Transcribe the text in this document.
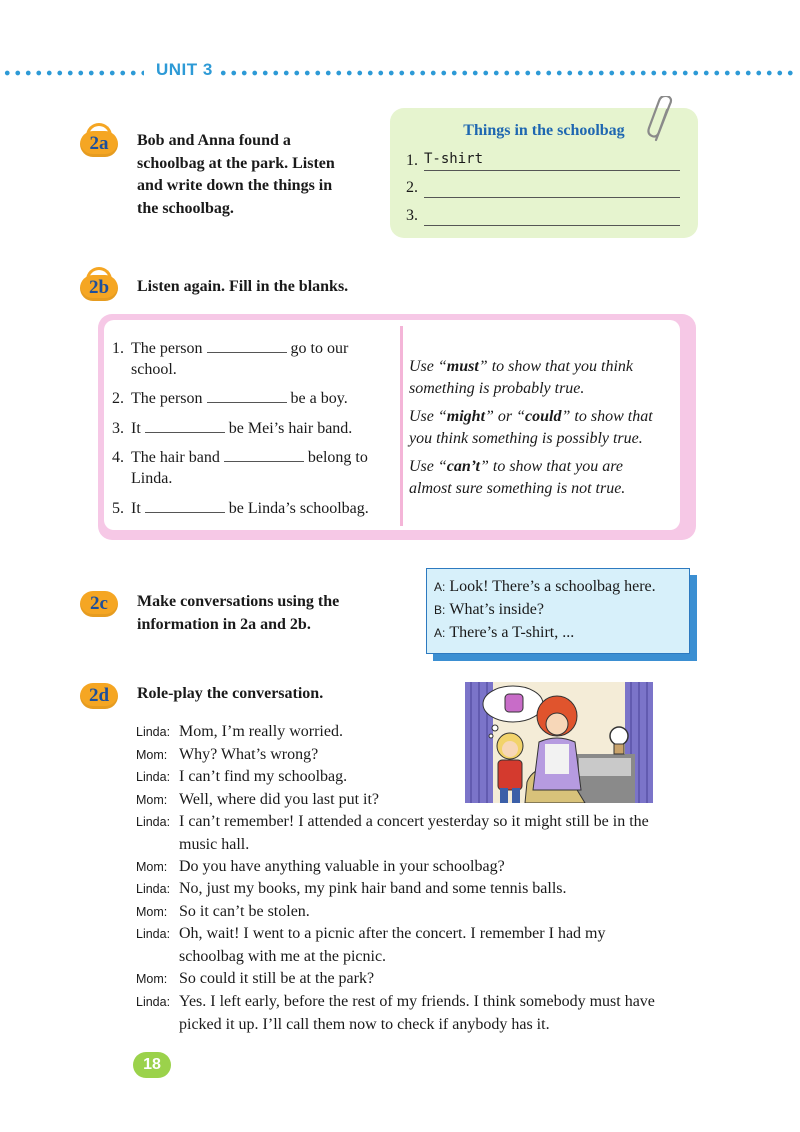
UNIT 3
2a	Bob and Anna found a
schoolbag at the park. Listen
and write down the things in
the schoolbag.
Things in the schoolbag
1. T-shirt
2.
3.
2b	Listen again. Fill in the blanks.
1. The person	go to our
school.
2. The person	be a boy.
3. It	be Mei’s hair band.
4. The hair band	belong to
Linda.
5. It	be Linda’s schoolbag.
Use “must” to show that you think
something is probably true.
Use “might” or “could” to show that
you think something is possibly true.
Use “can’t” to show that you are
almost sure something is not true.
2c	Make conversations using the
information in 2a and 2b.
A: Look! There’s a schoolbag here.
B: What’s inside?
A: There’s a T-shirt, ...
2d	Role-play the conversation.
Linda: Mom, I’m really worried.
Mom: Why? What’s wrong?
Linda: I can’t find my schoolbag.
Mom: Well, where did you last put it?
Linda: I can’t remember! I attended a concert yesterday so it might still be in the music hall.
Mom: Do you have anything valuable in your schoolbag?
Linda: No, just my books, my pink hair band and some tennis balls.
Mom: So it can’t be stolen.
Linda: Oh, wait! I went to a picnic after the concert. I remember I had my schoolbag with me at the picnic.
Mom: So could it still be at the park?
Linda: Yes. I left early, before the rest of my friends. I think somebody must have picked it up. I’ll call them now to check if anybody has it.
18
